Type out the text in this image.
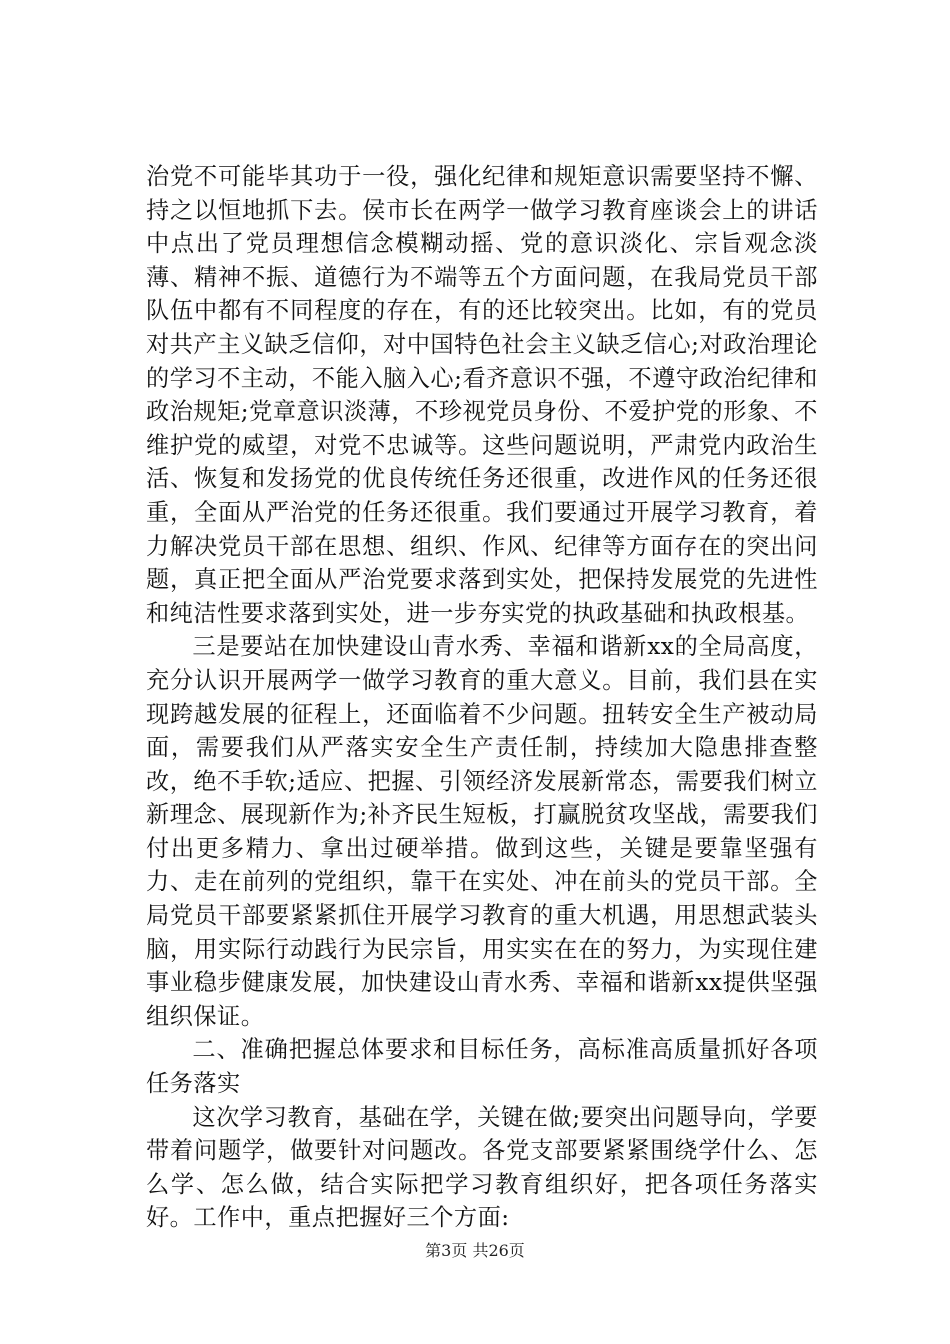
治党不可能毕其功于一役，强化纪律和规矩意识需要坚持不懈、持之以恒地抓下去。侯市长在两学一做学习教育座谈会上的讲话中点出了党员理想信念模糊动摇、党的意识淡化、宗旨观念淡薄、精神不振、道德行为不端等五个方面问题，在我局党员干部队伍中都有不同程度的存在，有的还比较突出。比如，有的党员对共产主义缺乏信仰，对中国特色社会主义缺乏信心;对政治理论的学习不主动，不能入脑入心;看齐意识不强，不遵守政治纪律和政治规矩;党章意识淡薄，不珍视党员身份、不爱护党的形象、不维护党的威望，对党不忠诚等。这些问题说明，严肃党内政治生活、恢复和发扬党的优良传统任务还很重，改进作风的任务还很重，全面从严治党的任务还很重。我们要通过开展学习教育，着力解决党员干部在思想、组织、作风、纪律等方面存在的突出问题，真正把全面从严治党要求落到实处，把保持发展党的先进性和纯洁性要求落到实处，进一步夯实党的执政基础和执政根基。

三是要站在加快建设山青水秀、幸福和谐新xx的全局高度，充分认识开展两学一做学习教育的重大意义。目前，我们县在实现跨越发展的征程上，还面临着不少问题。扭转安全生产被动局面，需要我们从严落实安全生产责任制，持续加大隐患排查整改，绝不手软;适应、把握、引领经济发展新常态，需要我们树立新理念、展现新作为;补齐民生短板，打赢脱贫攻坚战，需要我们付出更多精力、拿出过硬举措。做到这些，关键是要靠坚强有力、走在前列的党组织，靠干在实处、冲在前头的党员干部。全局党员干部要紧紧抓住开展学习教育的重大机遇，用思想武装头脑，用实际行动践行为民宗旨，用实实在在的努力，为实现住建事业稳步健康发展，加快建设山青水秀、幸福和谐新xx提供坚强组织保证。

二、准确把握总体要求和目标任务，高标准高质量抓好各项任务落实

这次学习教育，基础在学，关键在做;要突出问题导向，学要带着问题学，做要针对问题改。各党支部要紧紧围绕学什么、怎么学、怎么做，结合实际把学习教育组织好，把各项任务落实好。工作中，重点把握好三个方面:

第3页 共26页
